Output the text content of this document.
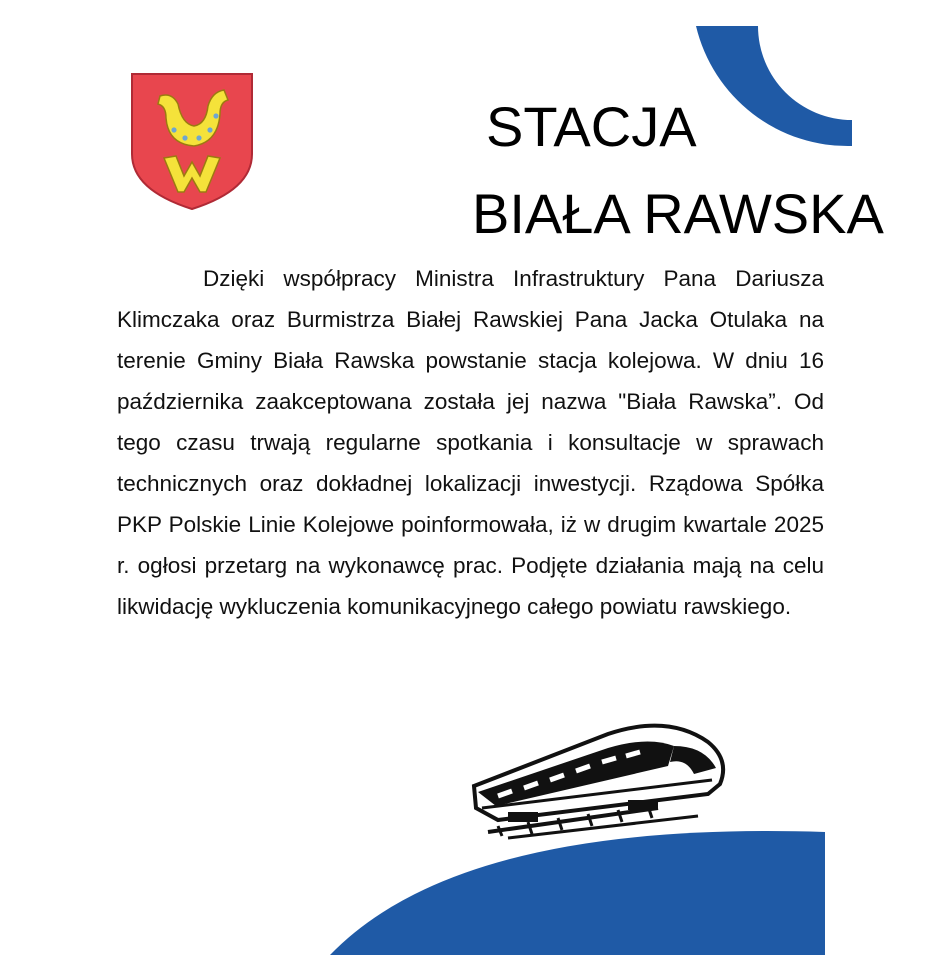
STACJA
BIAŁA RAWSKA

Dzięki współpracy Ministra Infrastruktury Pana Dariusza Klimczaka oraz Burmistrza Białej Rawskiej Pana Jacka Otulaka na terenie Gminy Biała Rawska powstanie stacja kolejowa. W dniu 16 października zaakceptowana została jej nazwa "Biała Rawska”. Od tego czasu trwają regularne spotkania i konsultacje w sprawach technicznych oraz dokładnej lokalizacji inwestycji. Rządowa Spółka PKP Polskie Linie Kolejowe poinformowała, iż w drugim kwartale 2025 r. ogłosi przetarg na wykonawcę prac. Podjęte działania mają na celu likwidację wykluczenia komunikacyjnego całego powiatu rawskiego.
